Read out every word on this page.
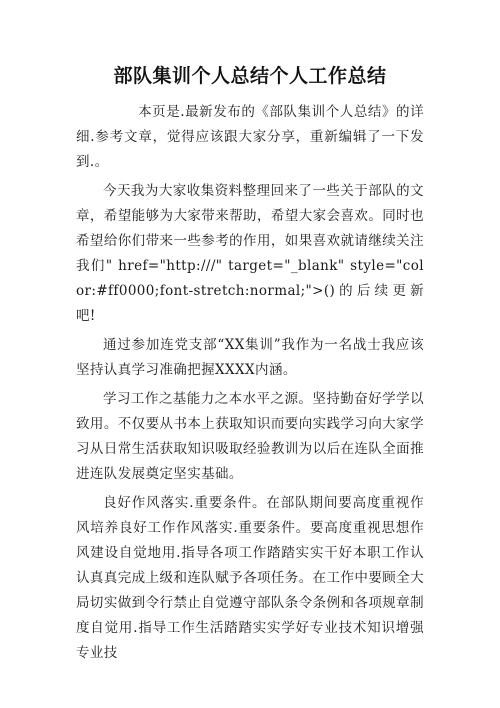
部队集训个人总结个人工作总结

本页是.最新发布的《部队集训个人总结》的详细.参考文章，觉得应该跟大家分享，重新编辑了一下发到.。

今天我为大家收集资料整理回来了一些关于部队的文章，希望能够为大家带来帮助，希望大家会喜欢。同时也希望给你们带来一些参考的作用，如果喜欢就请继续关注我们" href="http:///" target="_blank" style="color:#ff0000;font-stretch:normal;">()的后续更新吧!

通过参加连党支部“XX集训”我作为一名战士我应该坚持认真学习准确把握XXXX内涵。

学习工作之基能力之本水平之源。坚持勤奋好学学以致用。不仅要从书本上获取知识而要向实践学习向大家学习从日常生活获取知识吸取经验教训为以后在连队全面推进连队发展奠定坚实基础。

良好作风落实.重要条件。在部队期间要高度重视作风培养良好工作作风落实.重要条件。要高度重视思想作风建设自觉地用.指导各项工作踏踏实实干好本职工作认认真真完成上级和连队赋予各项任务。在工作中要顾全大局切实做到令行禁止自觉遵守部队条令条例和各项规章制度自觉用.指导工作生活踏踏实实学好专业技术知识增强专业技
